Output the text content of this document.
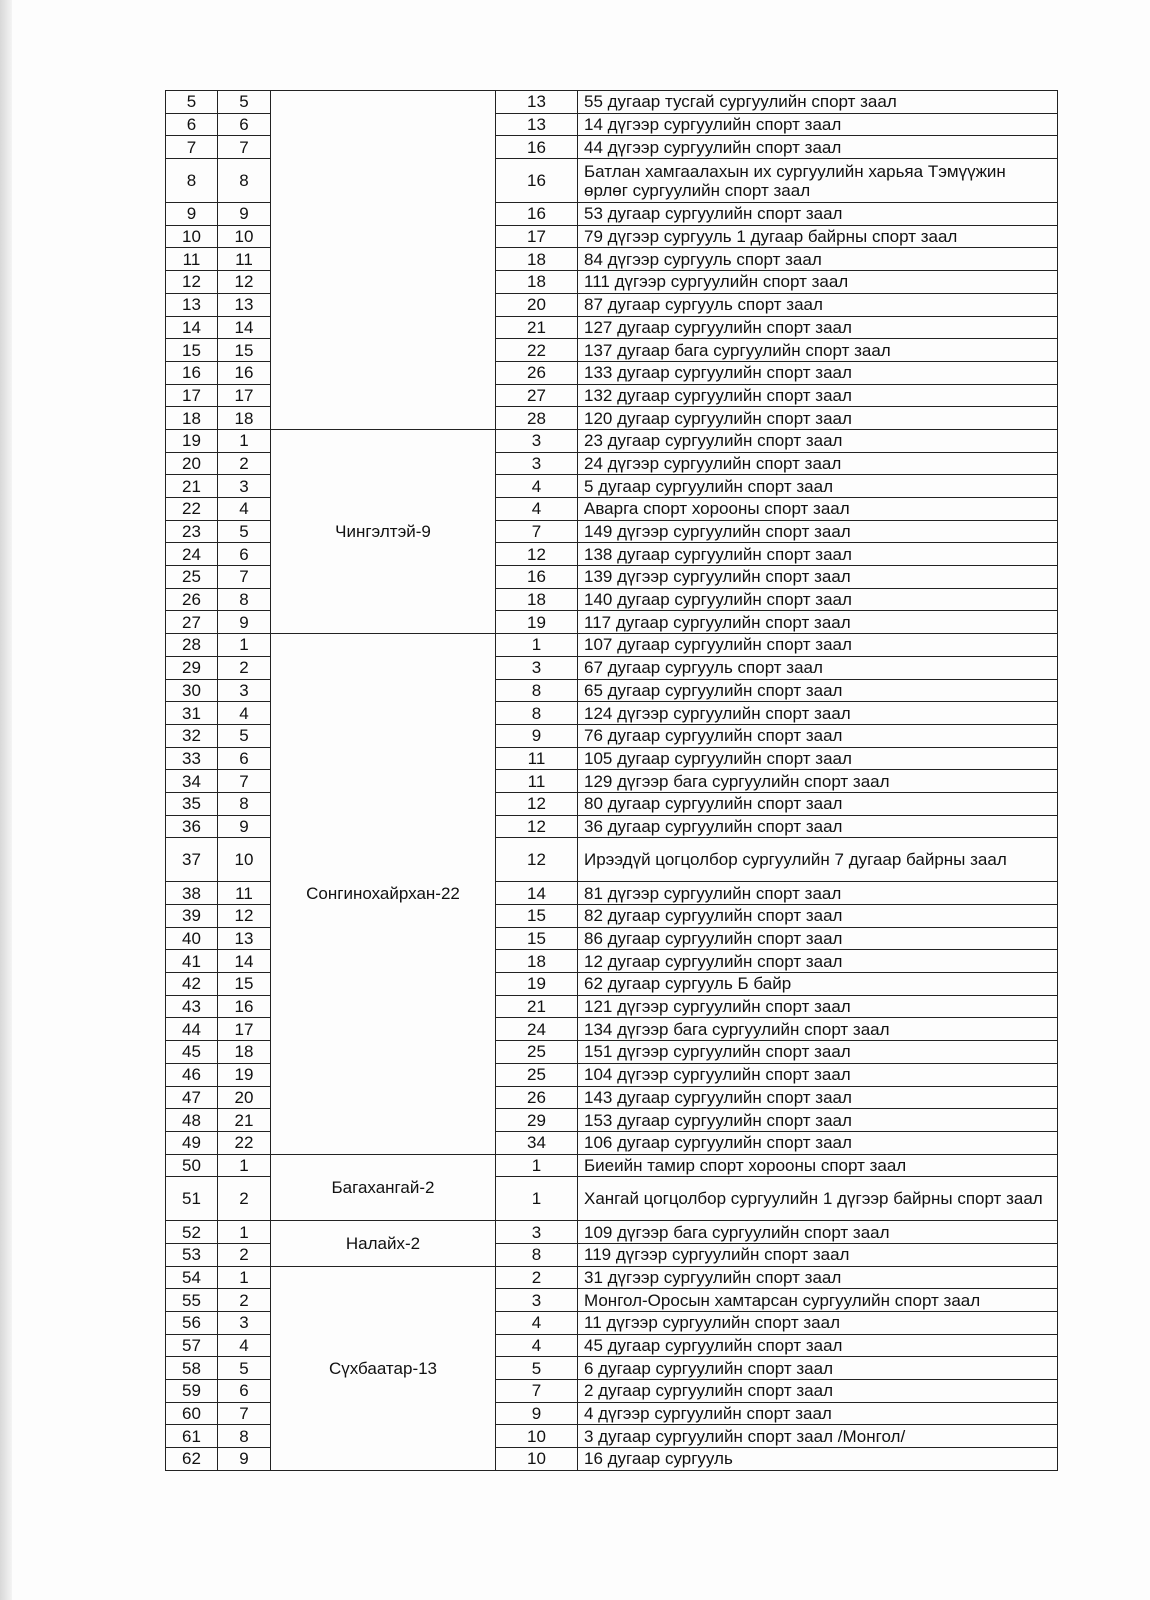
5	5		13	55 дугаар тусгай сургуулийн спорт заал
6	6		13	14 дүгээр сургуулийн спорт заал
7	7		16	44 дүгээр сургуулийн спорт заал
8	8		16	Батлан хамгаалахын их сургуулийн харьяа Тэмүүжин өрлөг сургуулийн спорт заал
9	9		16	53 дугаар сургуулийн спорт заал
10	10		17	79 дүгээр сургууль 1 дугаар байрны спорт заал
11	11		18	84 дүгээр сургууль спорт заал
12	12		18	111 дүгээр сургуулийн спорт заал
13	13		20	87 дугаар сургууль спорт заал
14	14		21	127 дугаар сургуулийн спорт заал
15	15		22	137 дугаар бага сургуулийн спорт заал
16	16		26	133 дугаар сургуулийн спорт заал
17	17		27	132 дугаар сургуулийн спорт заал
18	18		28	120 дугаар сургуулийн спорт заал
19	1	Чингэлтэй-9	3	23 дугаар сургуулийн спорт заал
20	2		3	24 дүгээр сургуулийн спорт заал
21	3		4	5 дугаар сургуулийн спорт заал
22	4		4	Аварга спорт хорооны спорт заал
23	5		7	149 дүгээр сургуулийн спорт заал
24	6		12	138 дугаар сургуулийн спорт заал
25	7		16	139 дүгээр сургуулийн спорт заал
26	8		18	140 дугаар сургуулийн спорт заал
27	9		19	117 дугаар сургуулийн спорт заал
28	1	Сонгинохайрхан-22	1	107 дугаар сургуулийн спорт заал
29	2		3	67 дугаар сургууль спорт заал
30	3		8	65 дугаар сургуулийн спорт заал
31	4		8	124 дүгээр сургуулийн спорт заал
32	5		9	76 дугаар сургуулийн спорт заал
33	6		11	105 дугаар сургуулийн спорт заал
34	7		11	129 дүгээр бага сургуулийн спорт заал
35	8		12	80 дугаар сургуулийн спорт заал
36	9		12	36 дугаар сургуулийн спорт заал
37	10		12	Ирээдүй цогцолбор сургуулийн 7 дугаар байрны заал
38	11		14	81 дүгээр сургуулийн спорт заал
39	12		15	82 дугаар сургуулийн спорт заал
40	13		15	86 дугаар сургуулийн спорт заал
41	14		18	12 дугаар сургуулийн спорт заал
42	15		19	62 дугаар сургууль Б байр
43	16		21	121 дүгээр сургуулийн спорт заал
44	17		24	134 дүгээр бага сургуулийн спорт заал
45	18		25	151 дүгээр сургуулийн спорт заал
46	19		25	104 дүгээр сургуулийн спорт заал
47	20		26	143 дугаар сургуулийн спорт заал
48	21		29	153 дугаар сургуулийн спорт заал
49	22		34	106 дугаар сургуулийн спорт заал
50	1	Багахангай-2	1	Биеийн тамир спорт хорооны спорт заал
51	2		1	Хангай цогцолбор сургуулийн 1 дүгээр байрны спорт заал
52	1	Налайх-2	3	109 дүгээр бага сургуулийн спорт заал
53	2		8	119 дүгээр сургуулийн спорт заал
54	1	Сүхбаатар-13	2	31 дүгээр сургуулийн спорт заал
55	2		3	Монгол-Оросын хамтарсан сургуулийн спорт заал
56	3		4	11 дүгээр сургуулийн спорт заал
57	4		4	45 дугаар сургуулийн спорт заал
58	5		5	6 дугаар сургуулийн спорт заал
59	6		7	2 дугаар сургуулийн спорт заал
60	7		9	4 дүгээр сургуулийн спорт заал
61	8		10	3 дугаар сургуулийн спорт заал /Монгол/
62	9		10	16 дугаар сургууль
